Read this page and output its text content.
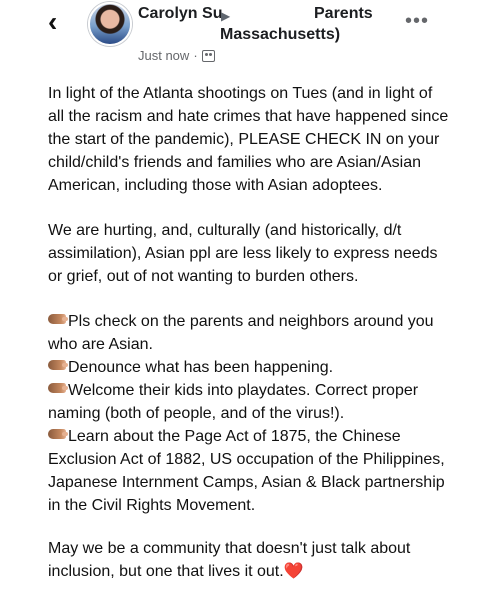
‹	Carolyn Su
▶	Parents
Massachusetts)
Just now ·
•••

In light of the Atlanta shootings on Tues (and in light of all the racism and hate crimes that have happened since the start of the pandemic), PLEASE CHECK IN on your child/child's friends and families who are Asian/Asian American, including those with Asian adoptees.

We are hurting, and, culturally (and historically, d/t assimilation), Asian ppl are less likely to express needs or grief, out of not wanting to burden others.

Pls check on the parents and neighbors around you who are Asian.

Denounce what has been happening.

Welcome their kids into playdates. Correct proper naming (both of people, and of the virus!).

Learn about the Page Act of 1875, the Chinese Exclusion Act of 1882, US occupation of the Philippines, Japanese Internment Camps, Asian & Black partnership in the Civil Rights Movement.

May we be a community that doesn't just talk about inclusion, but one that lives it out.❤️
